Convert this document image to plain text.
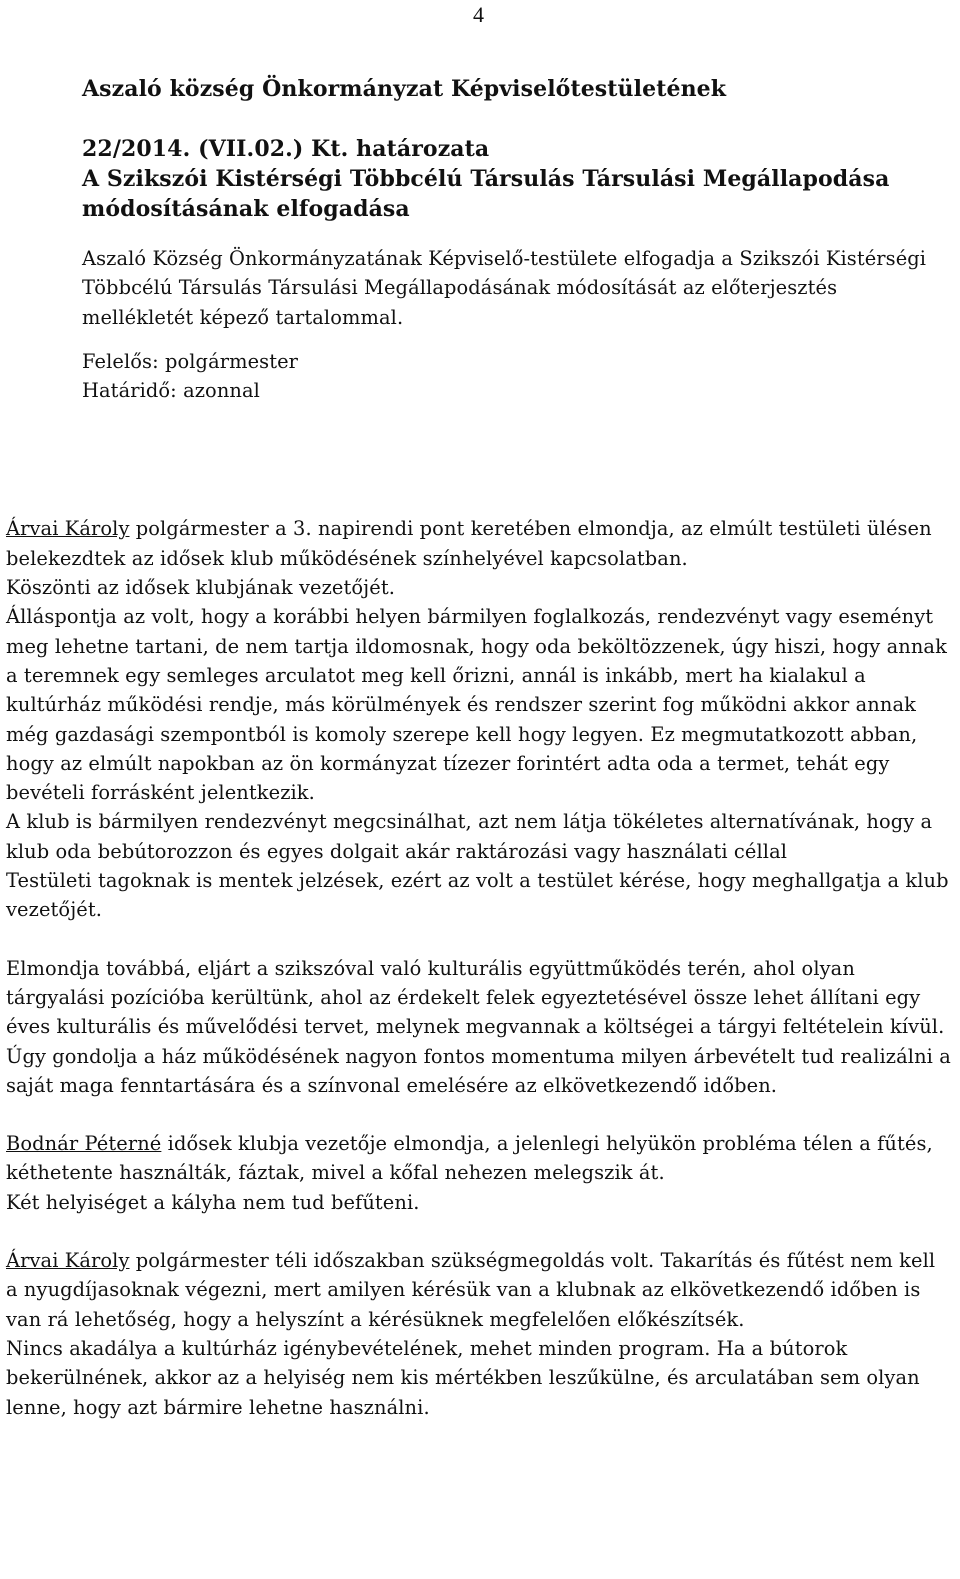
4
Aszaló község Önkormányzat Képviselőtestületének
22/2014. (VII.02.) Kt. határozata
A Szikszói Kistérségi Többcélú Társulás Társulási Megállapodása
módosításának elfogadása

Aszaló Község Önkormányzatának Képviselő-testülete elfogadja a Szikszói Kistérségi Többcélú Társulás Társulási Megállapodásának módosítását az előterjesztés mellékletét képező tartalommal.

Felelős: polgármester

Határidő: azonnal

Árvai Károly polgármester a 3. napirendi pont keretében elmondja, az elmúlt testületi ülésen belekezdtek az idősek klub működésének színhelyével kapcsolatban.

Köszönti az idősek klubjának vezetőjét.

Álláspontja az volt, hogy a korábbi helyen bármilyen foglalkozás, rendezvényt vagy eseményt meg lehetne tartani, de nem tartja ildomosnak, hogy oda beköltözzenek, úgy hiszi, hogy annak a teremnek egy semleges arculatot meg kell őrizni, annál is inkább, mert ha kialakul a kultúrház működési rendje, más körülmények és rendszer szerint fog működni akkor annak még gazdasági szempontból is komoly szerepe kell hogy legyen. Ez megmutatkozott abban, hogy az elmúlt napokban az ön kormányzat tízezer forintért adta oda a termet, tehát egy bevételi forrásként jelentkezik.

A klub is bármilyen rendezvényt megcsinálhat, azt nem látja tökéletes alternatívának, hogy a klub oda bebútorozzon és egyes dolgait akár raktározási vagy használati céllal

Testületi tagoknak is mentek jelzések, ezért az volt a testület kérése, hogy meghallgatja a klub vezetőjét.

Elmondja továbbá, eljárt a szikszóval való kulturális együttműködés terén, ahol olyan tárgyalási pozícióba kerültünk, ahol az érdekelt felek egyeztetésével össze lehet állítani egy éves kulturális és művelődési tervet, melynek megvannak a költségei a tárgyi feltételein kívül. Úgy gondolja a ház működésének nagyon fontos momentuma milyen árbevételt tud realizálni a saját maga fenntartására és a színvonal emelésére az elkövetkezendő időben.

Bodnár Péterné idősek klubja vezetője elmondja, a jelenlegi helyükön probléma télen a fűtés, kéthetente használták, fáztak, mivel a kőfal nehezen melegszik át.

Két helyiséget a kályha nem tud befűteni.

Árvai Károly polgármester téli időszakban szükségmegoldás volt. Takarítás és fűtést nem kell a nyugdíjasoknak végezni, mert amilyen kérésük van a klubnak az elkövetkezendő időben is van rá lehetőség, hogy a helyszínt a kérésüknek megfelelően előkészítsék.

Nincs akadálya a kultúrház igénybevételének, mehet minden program. Ha a bútorok bekerülnének, akkor az a helyiség nem kis mértékben leszűkülne, és arculatában sem olyan lenne, hogy azt bármire lehetne használni.
